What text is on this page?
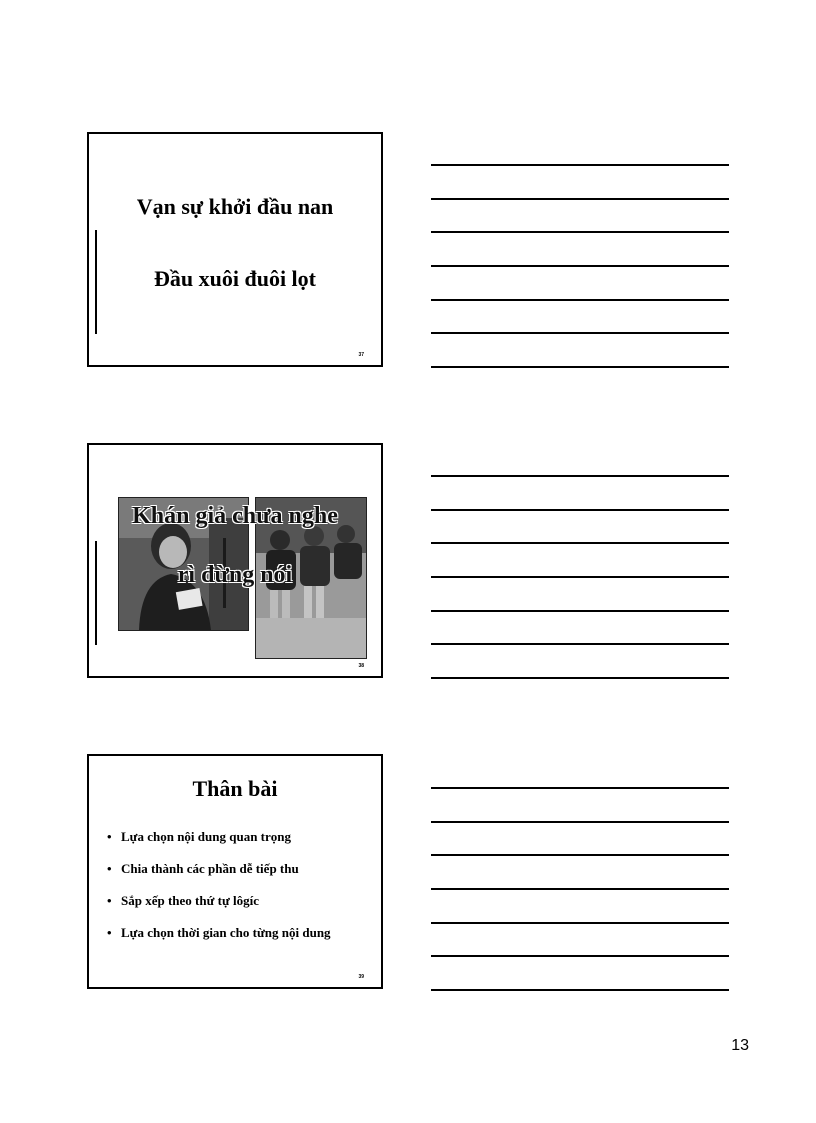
Vạn sự khởi đầu nan
Đầu xuôi đuôi lọt
37
Khán giả chưa nghe
rì đừng nói
38
Thân bài
• Lựa chọn nội dung quan trọng
• Chia thành các phần dễ tiếp thu
• Sắp xếp theo thứ tự lôgíc
• Lựa chọn thời gian cho từng nội dung
39
13
